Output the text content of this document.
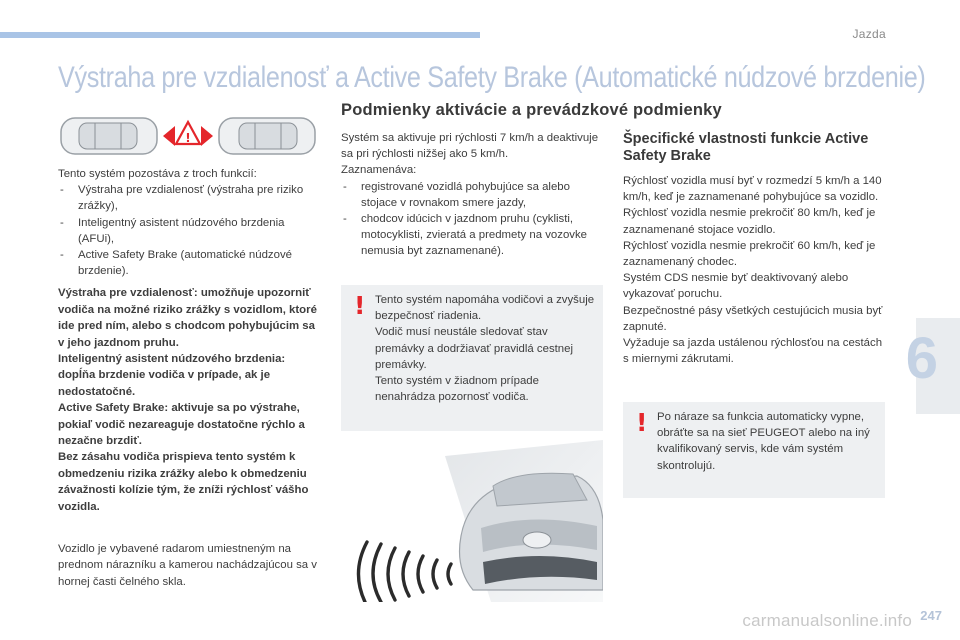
Jazda
Výstraha pre vzdialenosť a Active Safety Brake (Automatické núdzové brzdenie)
!

Tento systém pozostáva z troch funkcií:

- Výstraha pre vzdialenosť (výstraha pre riziko zrážky),
- Inteligentný asistent núdzového brzdenia (AFUi),
- Active Safety Brake (automatické núdzové brzdenie).

Výstraha pre vzdialenosť: umožňuje upozorniť vodiča na možné riziko zrážky s vozidlom, ktoré ide pred ním, alebo s chodcom pohybujúcim sa v jeho jazdnom pruhu.

Inteligentný asistent núdzového brzdenia: dopĺňa brzdenie vodiča v prípade, ak je nedostatočné.

Active Safety Brake: aktivuje sa po výstrahe, pokiaľ vodič nezareaguje dostatočne rýchlo a nezačne brzdiť.

Bez zásahu vodiča prispieva tento systém k obmedzeniu rizika zrážky alebo k obmedzeniu závažnosti kolízie tým, že zníži rýchlosť vášho vozidla.

Vozidlo je vybavené radarom umiestneným na prednom nárazníku a kamerou nachádzajúcou sa v hornej časti čelného skla.

Podmienky aktivácie a prevádzkové podmienky

Systém sa aktivuje pri rýchlosti 7 km/h a deaktivuje sa pri rýchlosti nižšej ako 5 km/h.

Zaznamenáva:

- registrované vozidlá pohybujúce sa alebo stojace v rovnakom smere jazdy,
- chodcov idúcich v jazdnom pruhu (cyklisti, motocyklisti, zvieratá a predmety na vozovke nemusia byt zaznamenané).
! Tento systém napomáha vodičovi a zvyšuje bezpečnosť riadenia.
Vodič musí neustále sledovať stav premávky a dodržiavať pravidlá cestnej premávky.
Tento systém v žiadnom prípade nenahrádza pozornosť vodiča.

Špecifické vlastnosti funkcie Active Safety Brake

Rýchlosť vozidla musí byť v rozmedzí 5 km/h a 140 km/h, keď je zaznamenané pohybujúce sa vozidlo.

Rýchlosť vozidla nesmie prekročiť 80 km/h, keď je zaznamenané stojace vozidlo.

Rýchlosť vozidla nesmie prekročiť 60 km/h, keď je zaznamenaný chodec.

Systém CDS nesmie byť deaktivovaný alebo vykazovať poruchu.

Bezpečnostné pásy všetkých cestujúcich musia byť zapnuté.

Vyžaduje sa jazda ustálenou rýchlosťou na cestách s miernymi zákrutami.

! Po náraze sa funkcia automaticky vypne, obráťte sa na sieť PEUGEOT alebo na iný kvalifikovaný servis, kde vám systém skontrolujú.

6
carmanualsonline.info 247
